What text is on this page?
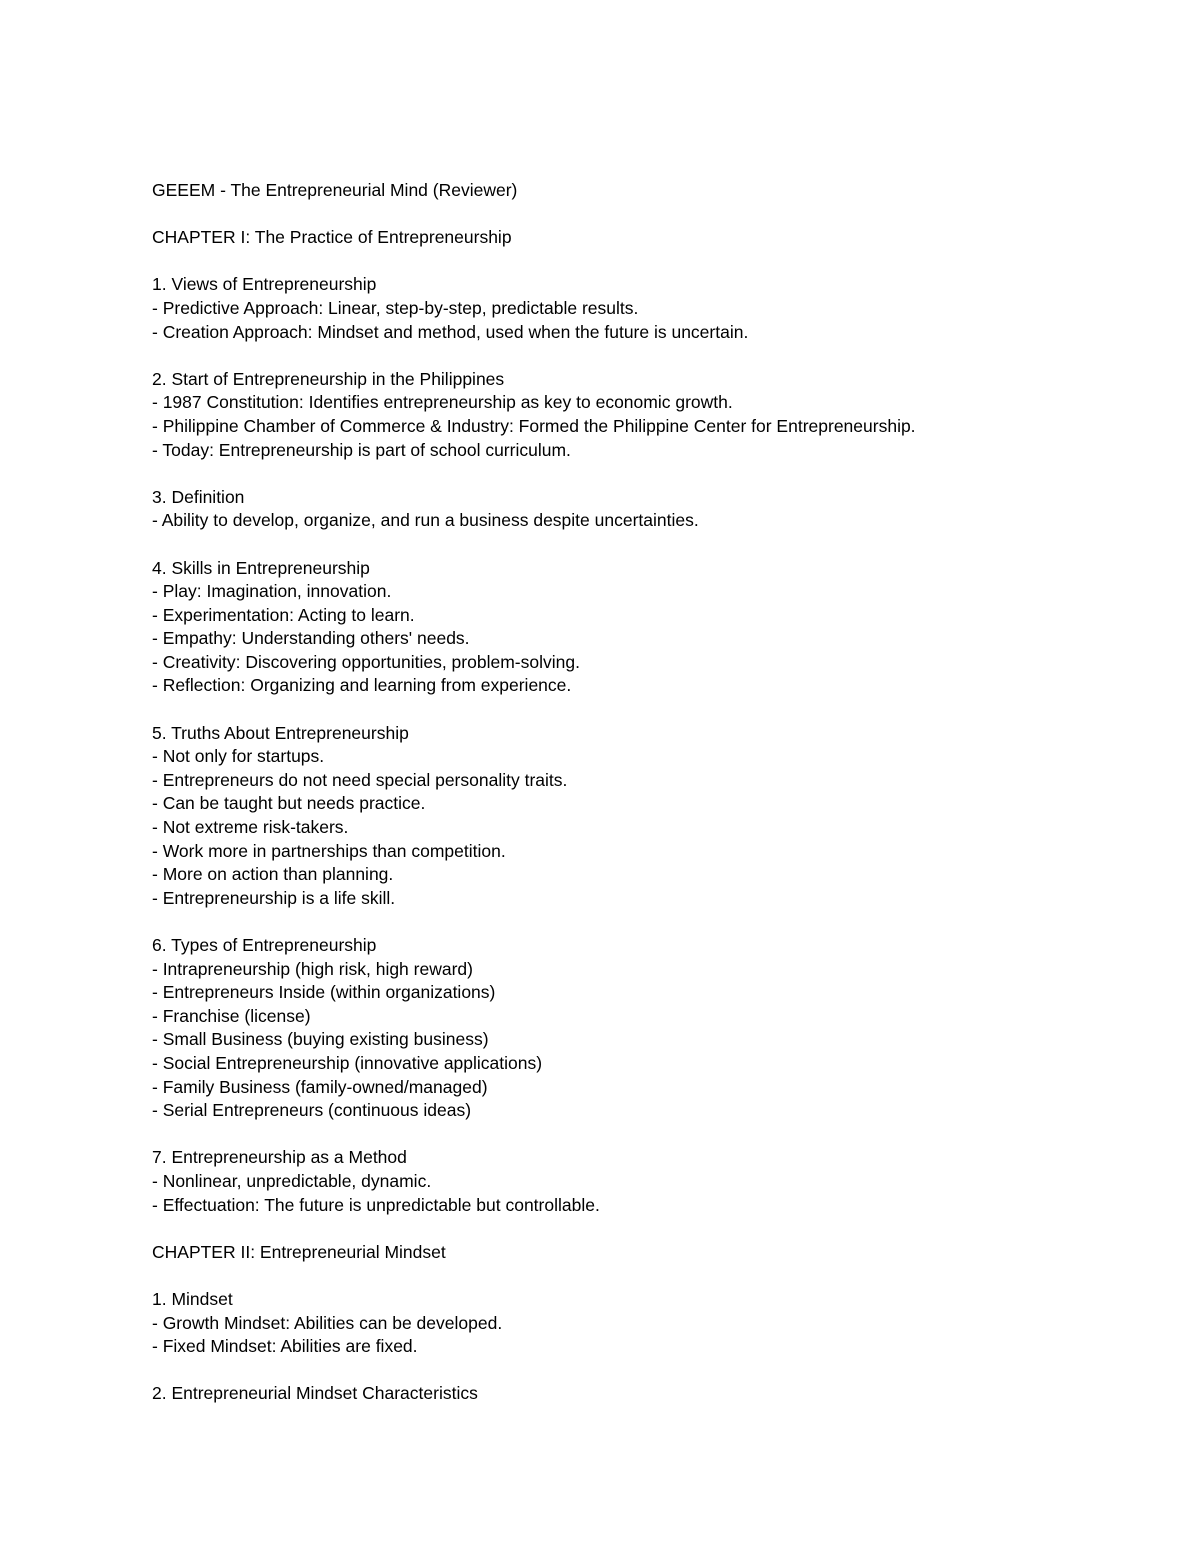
GEEEM - The Entrepreneurial Mind (Reviewer)
CHAPTER I: The Practice of Entrepreneurship
1. Views of Entrepreneurship
- Predictive Approach: Linear, step-by-step, predictable results.
- Creation Approach: Mindset and method, used when the future is uncertain.
2. Start of Entrepreneurship in the Philippines
- 1987 Constitution: Identifies entrepreneurship as key to economic growth.
- Philippine Chamber of Commerce & Industry: Formed the Philippine Center for Entrepreneurship.
- Today: Entrepreneurship is part of school curriculum.
3. Definition
- Ability to develop, organize, and run a business despite uncertainties.
4. Skills in Entrepreneurship
- Play: Imagination, innovation.
- Experimentation: Acting to learn.
- Empathy: Understanding others' needs.
- Creativity: Discovering opportunities, problem-solving.
- Reflection: Organizing and learning from experience.
5. Truths About Entrepreneurship
- Not only for startups.
- Entrepreneurs do not need special personality traits.
- Can be taught but needs practice.
- Not extreme risk-takers.
- Work more in partnerships than competition.
- More on action than planning.
- Entrepreneurship is a life skill.
6. Types of Entrepreneurship
- Intrapreneurship (high risk, high reward)
- Entrepreneurs Inside (within organizations)
- Franchise (license)
- Small Business (buying existing business)
- Social Entrepreneurship (innovative applications)
- Family Business (family-owned/managed)
- Serial Entrepreneurs (continuous ideas)
7. Entrepreneurship as a Method
- Nonlinear, unpredictable, dynamic.
- Effectuation: The future is unpredictable but controllable.
CHAPTER II: Entrepreneurial Mindset
1. Mindset
- Growth Mindset: Abilities can be developed.
- Fixed Mindset: Abilities are fixed.
2. Entrepreneurial Mindset Characteristics
